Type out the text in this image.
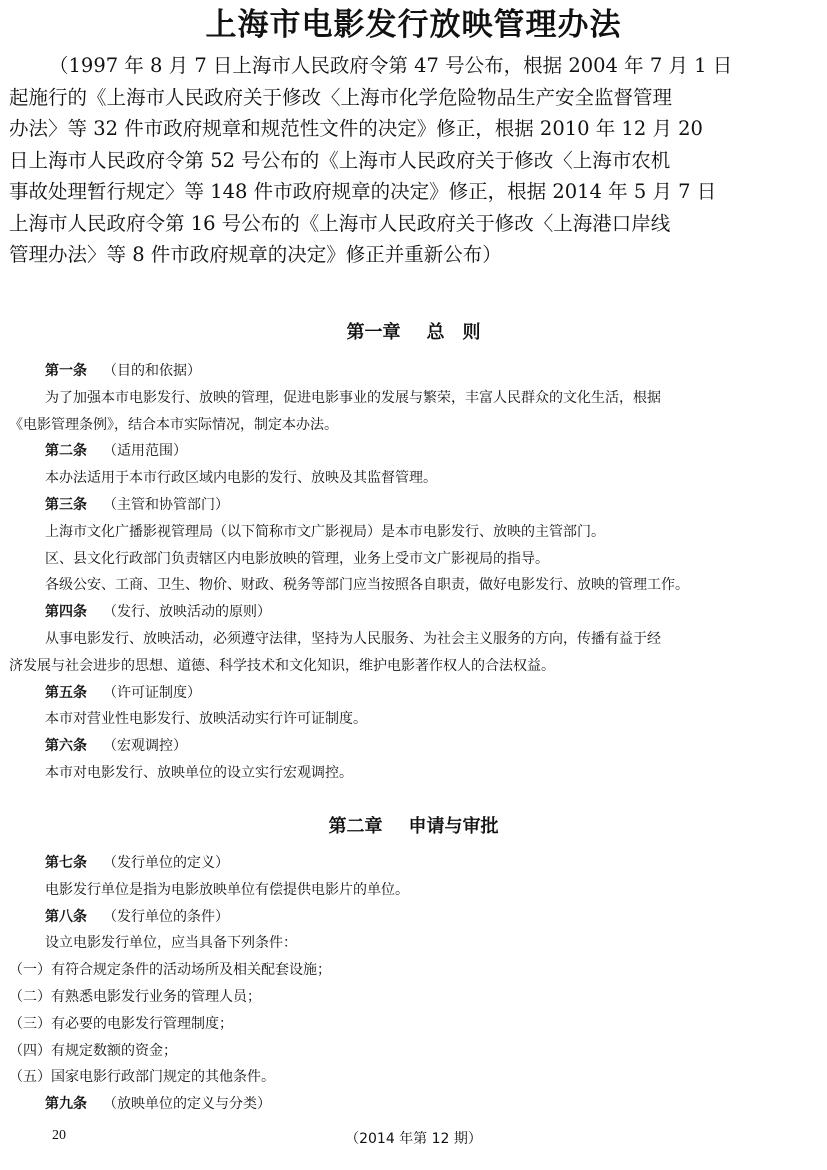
上海市电影发行放映管理办法
（1997 年 8 月 7 日上海市人民政府令第 47 号公布，根据 2004 年 7 月 1 日
起施行的《上海市人民政府关于修改〈上海市化学危险物品生产安全监督管理
办法〉等 32 件市政府规章和规范性文件的决定》修正，根据 2010 年 12 月 20
日上海市人民政府令第 52 号公布的《上海市人民政府关于修改〈上海市农机
事故处理暂行规定〉等 148 件市政府规章的决定》修正，根据 2014 年 5 月 7 日
上海市人民政府令第 16 号公布的《上海市人民政府关于修改〈上海港口岸线
管理办法〉等 8 件市政府规章的决定》修正并重新公布）
第一章 总　则
第一条 （目的和依据）
为了加强本市电影发行、放映的管理，促进电影事业的发展与繁荣，丰富人民群众的文化生活，根据
《电影管理条例》，结合本市实际情况，制定本办法。
第二条 （适用范围）
本办法适用于本市行政区域内电影的发行、放映及其监督管理。
第三条 （主管和协管部门）
上海市文化广播影视管理局（以下简称市文广影视局）是本市电影发行、放映的主管部门。
区、县文化行政部门负责辖区内电影放映的管理，业务上受市文广影视局的指导。
各级公安、工商、卫生、物价、财政、税务等部门应当按照各自职责，做好电影发行、放映的管理工作。
第四条 （发行、放映活动的原则）
从事电影发行、放映活动，必须遵守法律，坚持为人民服务、为社会主义服务的方向，传播有益于经
济发展与社会进步的思想、道德、科学技术和文化知识，维护电影著作权人的合法权益。
第五条 （许可证制度）
本市对营业性电影发行、放映活动实行许可证制度。
第六条 （宏观调控）
本市对电影发行、放映单位的设立实行宏观调控。
第二章 申请与审批
第七条 （发行单位的定义）
电影发行单位是指为电影放映单位有偿提供电影片的单位。
第八条 （发行单位的条件）
设立电影发行单位，应当具备下列条件：
（一）有符合规定条件的活动场所及相关配套设施；
（二）有熟悉电影发行业务的管理人员；
（三）有必要的电影发行管理制度；
（四）有规定数额的资金；
（五）国家电影行政部门规定的其他条件。
第九条 （放映单位的定义与分类）
20	（2014 年第 12 期）
